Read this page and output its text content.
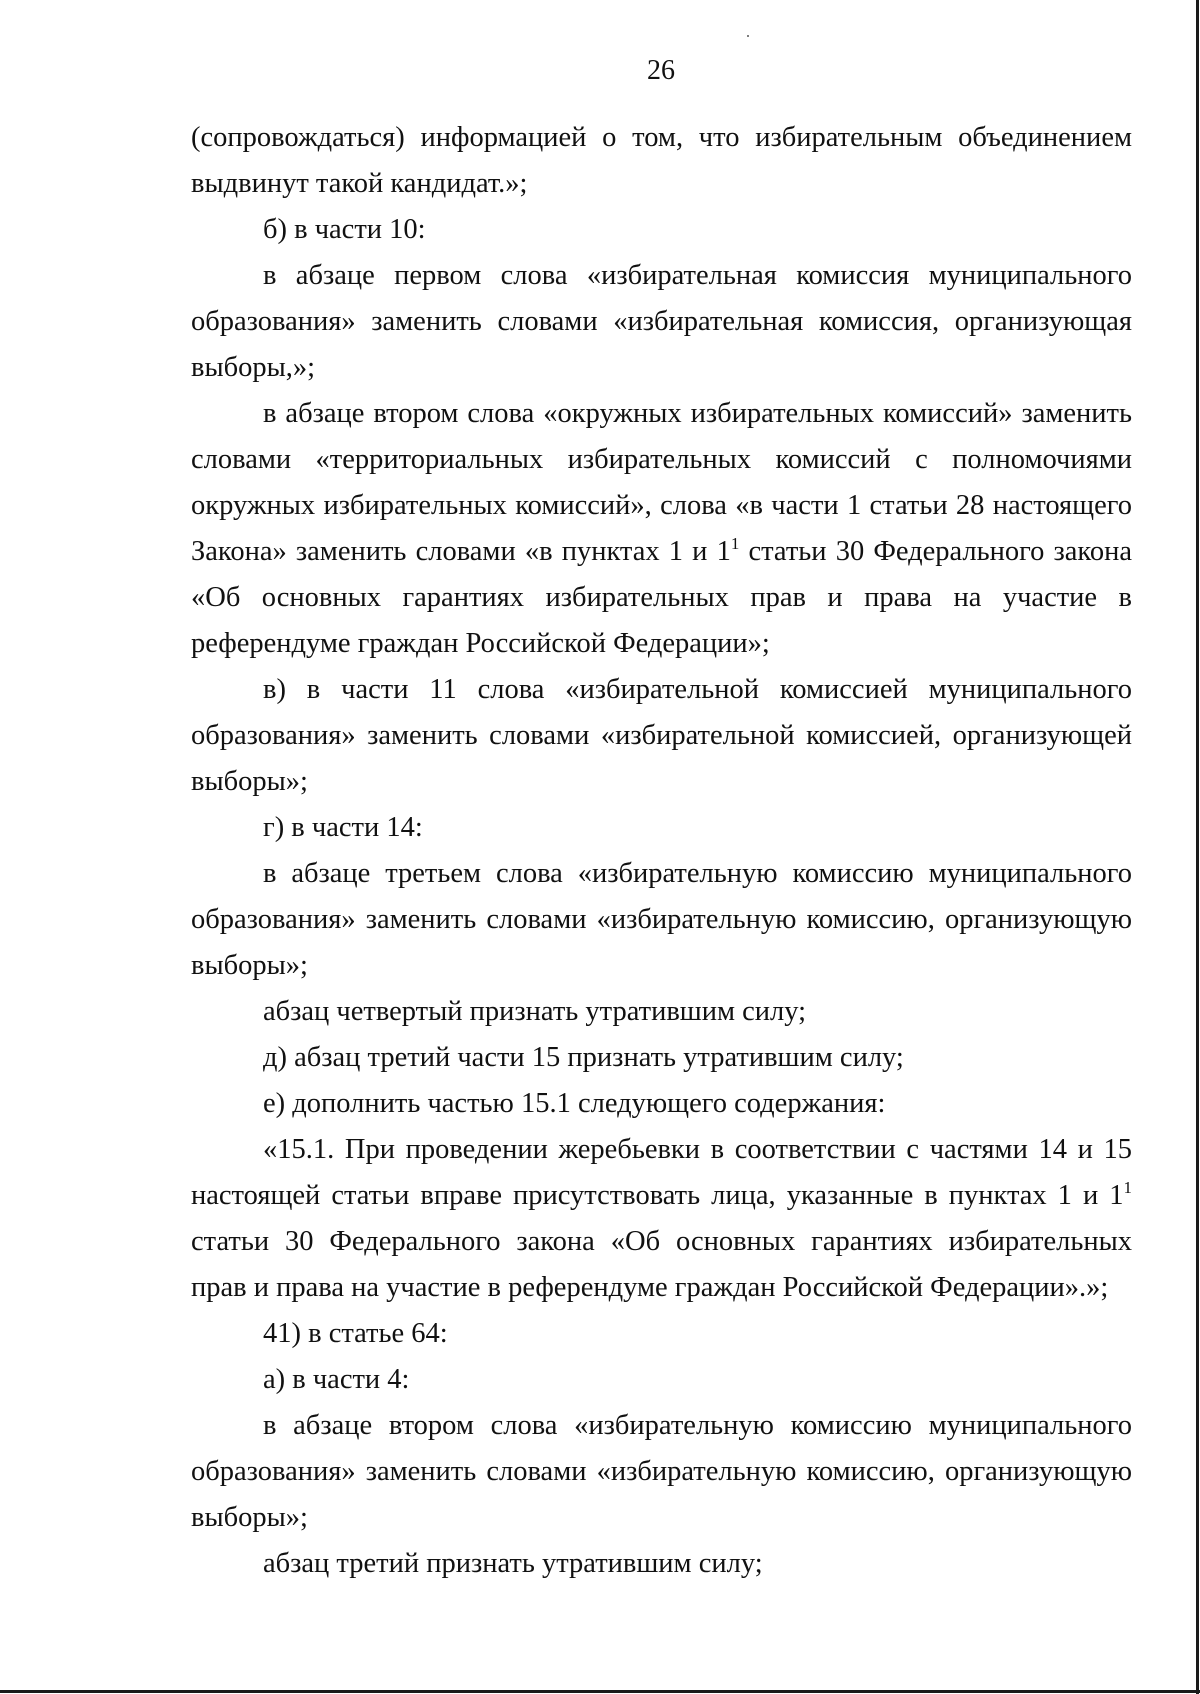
26

(сопровождаться) информацией о том, что избирательным объединением выдвинут такой кандидат.»;

б) в части 10:

в абзаце первом слова «избирательная комиссия муниципального образования» заменить словами «избирательная комиссия, организующая выборы,»;

в абзаце втором слова «окружных избирательных комиссий» заменить словами «территориальных избирательных комиссий с полномочиями окружных избирательных комиссий», слова «в части 1 статьи 28 настоящего Закона» заменить словами «в пунктах 1 и $1^1$ статьи 30 Федерального закона «Об основных гарантиях избирательных прав и права на участие в референдуме граждан Российской Федерации»;

в) в части 11 слова «избирательной комиссией муниципального образования» заменить словами «избирательной комиссией, организующей выборы»;

г) в части 14:

в абзаце третьем слова «избирательную комиссию муниципального образования» заменить словами «избирательную комиссию, организующую выборы»;

абзац четвертый признать утратившим силу;

д) абзац третий части 15 признать утратившим силу;

е) дополнить частью 15.1 следующего содержания:

«15.1. При проведении жеребьевки в соответствии с частями 14 и 15 настоящей статьи вправе присутствовать лица, указанные в пунктах 1 и $1^1$ статьи 30 Федерального закона «Об основных гарантиях избирательных прав и права на участие в референдуме граждан Российской Федерации».»;

41) в статье 64:

а) в части 4:

в абзаце втором слова «избирательную комиссию муниципального образования» заменить словами «избирательную комиссию, организующую выборы»;

абзац третий признать утратившим силу;
